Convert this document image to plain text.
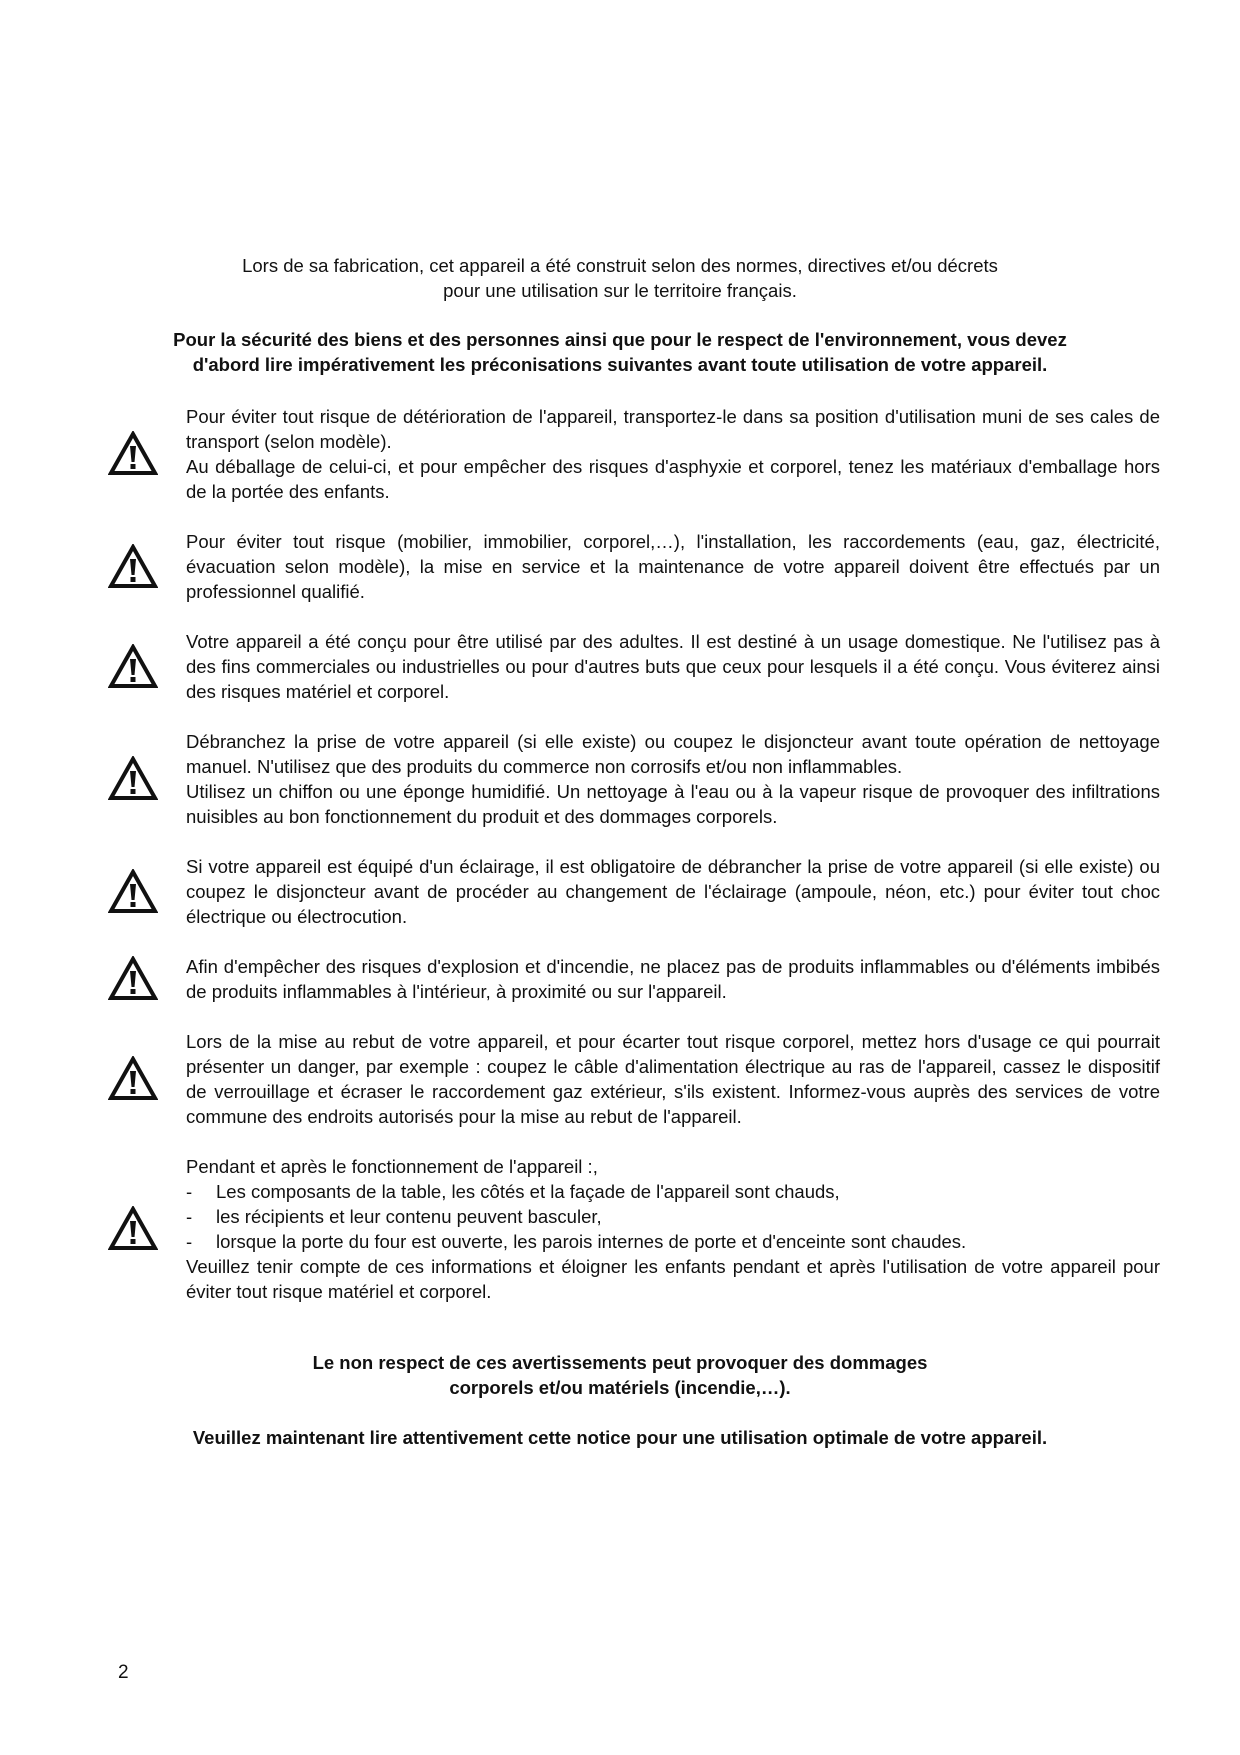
Lors de sa fabrication, cet appareil a été construit selon des normes, directives et/ou décrets

pour une utilisation sur le territoire français.

Pour la sécurité des biens et des personnes ainsi que pour le respect de l'environnement, vous devez

d'abord lire impérativement les préconisations suivantes avant toute utilisation de votre appareil.

Pour éviter tout risque de détérioration de l'appareil, transportez-le dans sa position d'utilisation muni de ses cales de transport (selon modèle).

Au déballage de celui-ci, et pour empêcher des risques d'asphyxie et corporel, tenez les matériaux d'emballage hors de la portée des enfants.

Pour éviter tout risque (mobilier, immobilier, corporel,…), l'installation, les raccordements (eau, gaz, électricité, évacuation selon modèle), la mise en service et la maintenance de votre appareil doivent être effectués par un professionnel qualifié.

Votre appareil a été conçu pour être utilisé par des adultes. Il est destiné à un usage domestique. Ne l'utilisez pas à des fins commerciales ou industrielles ou pour d'autres buts que ceux pour lesquels il a été conçu. Vous éviterez ainsi des risques matériel et corporel.

Débranchez la prise de votre appareil (si elle existe) ou coupez le disjoncteur avant toute opération de nettoyage manuel. N'utilisez que des produits du commerce non corrosifs et/ou non inflammables.

Utilisez un chiffon ou une éponge humidifié. Un nettoyage à l'eau ou à la vapeur risque de provoquer des infiltrations nuisibles au bon fonctionnement du produit et des dommages corporels.

Si votre appareil est équipé d'un éclairage, il est obligatoire de débrancher la prise de votre appareil (si elle existe) ou coupez le disjoncteur avant de procéder au changement de l'éclairage (ampoule, néon, etc.) pour éviter tout choc électrique ou électrocution.

Afin d'empêcher des risques d'explosion et d'incendie, ne placez pas de produits inflammables ou d'éléments imbibés de produits inflammables à l'intérieur, à proximité ou sur l'appareil.

Lors de la mise au rebut de votre appareil, et pour écarter tout risque corporel, mettez hors d'usage ce qui pourrait présenter un danger, par exemple : coupez le câble d'alimentation électrique au ras de l'appareil, cassez le dispositif de verrouillage et écraser le raccordement gaz extérieur, s'ils existent. Informez-vous auprès des services de votre commune des endroits autorisés pour la mise au rebut de l'appareil.

Pendant et après le fonctionnement de l'appareil :,

-	Les composants de la table, les côtés et la façade de l'appareil sont chauds,
-	les récipients et leur contenu peuvent basculer,
-	lorsque la porte du four est ouverte, les parois internes de porte et d'enceinte sont chaudes.

Veuillez tenir compte de ces informations et éloigner les enfants pendant et après l'utilisation de votre appareil pour éviter tout risque matériel et corporel.

Le non respect de ces avertissements peut provoquer des dommages

corporels et/ou matériels (incendie,…).

Veuillez maintenant lire attentivement cette notice pour une utilisation optimale de votre appareil.
2
